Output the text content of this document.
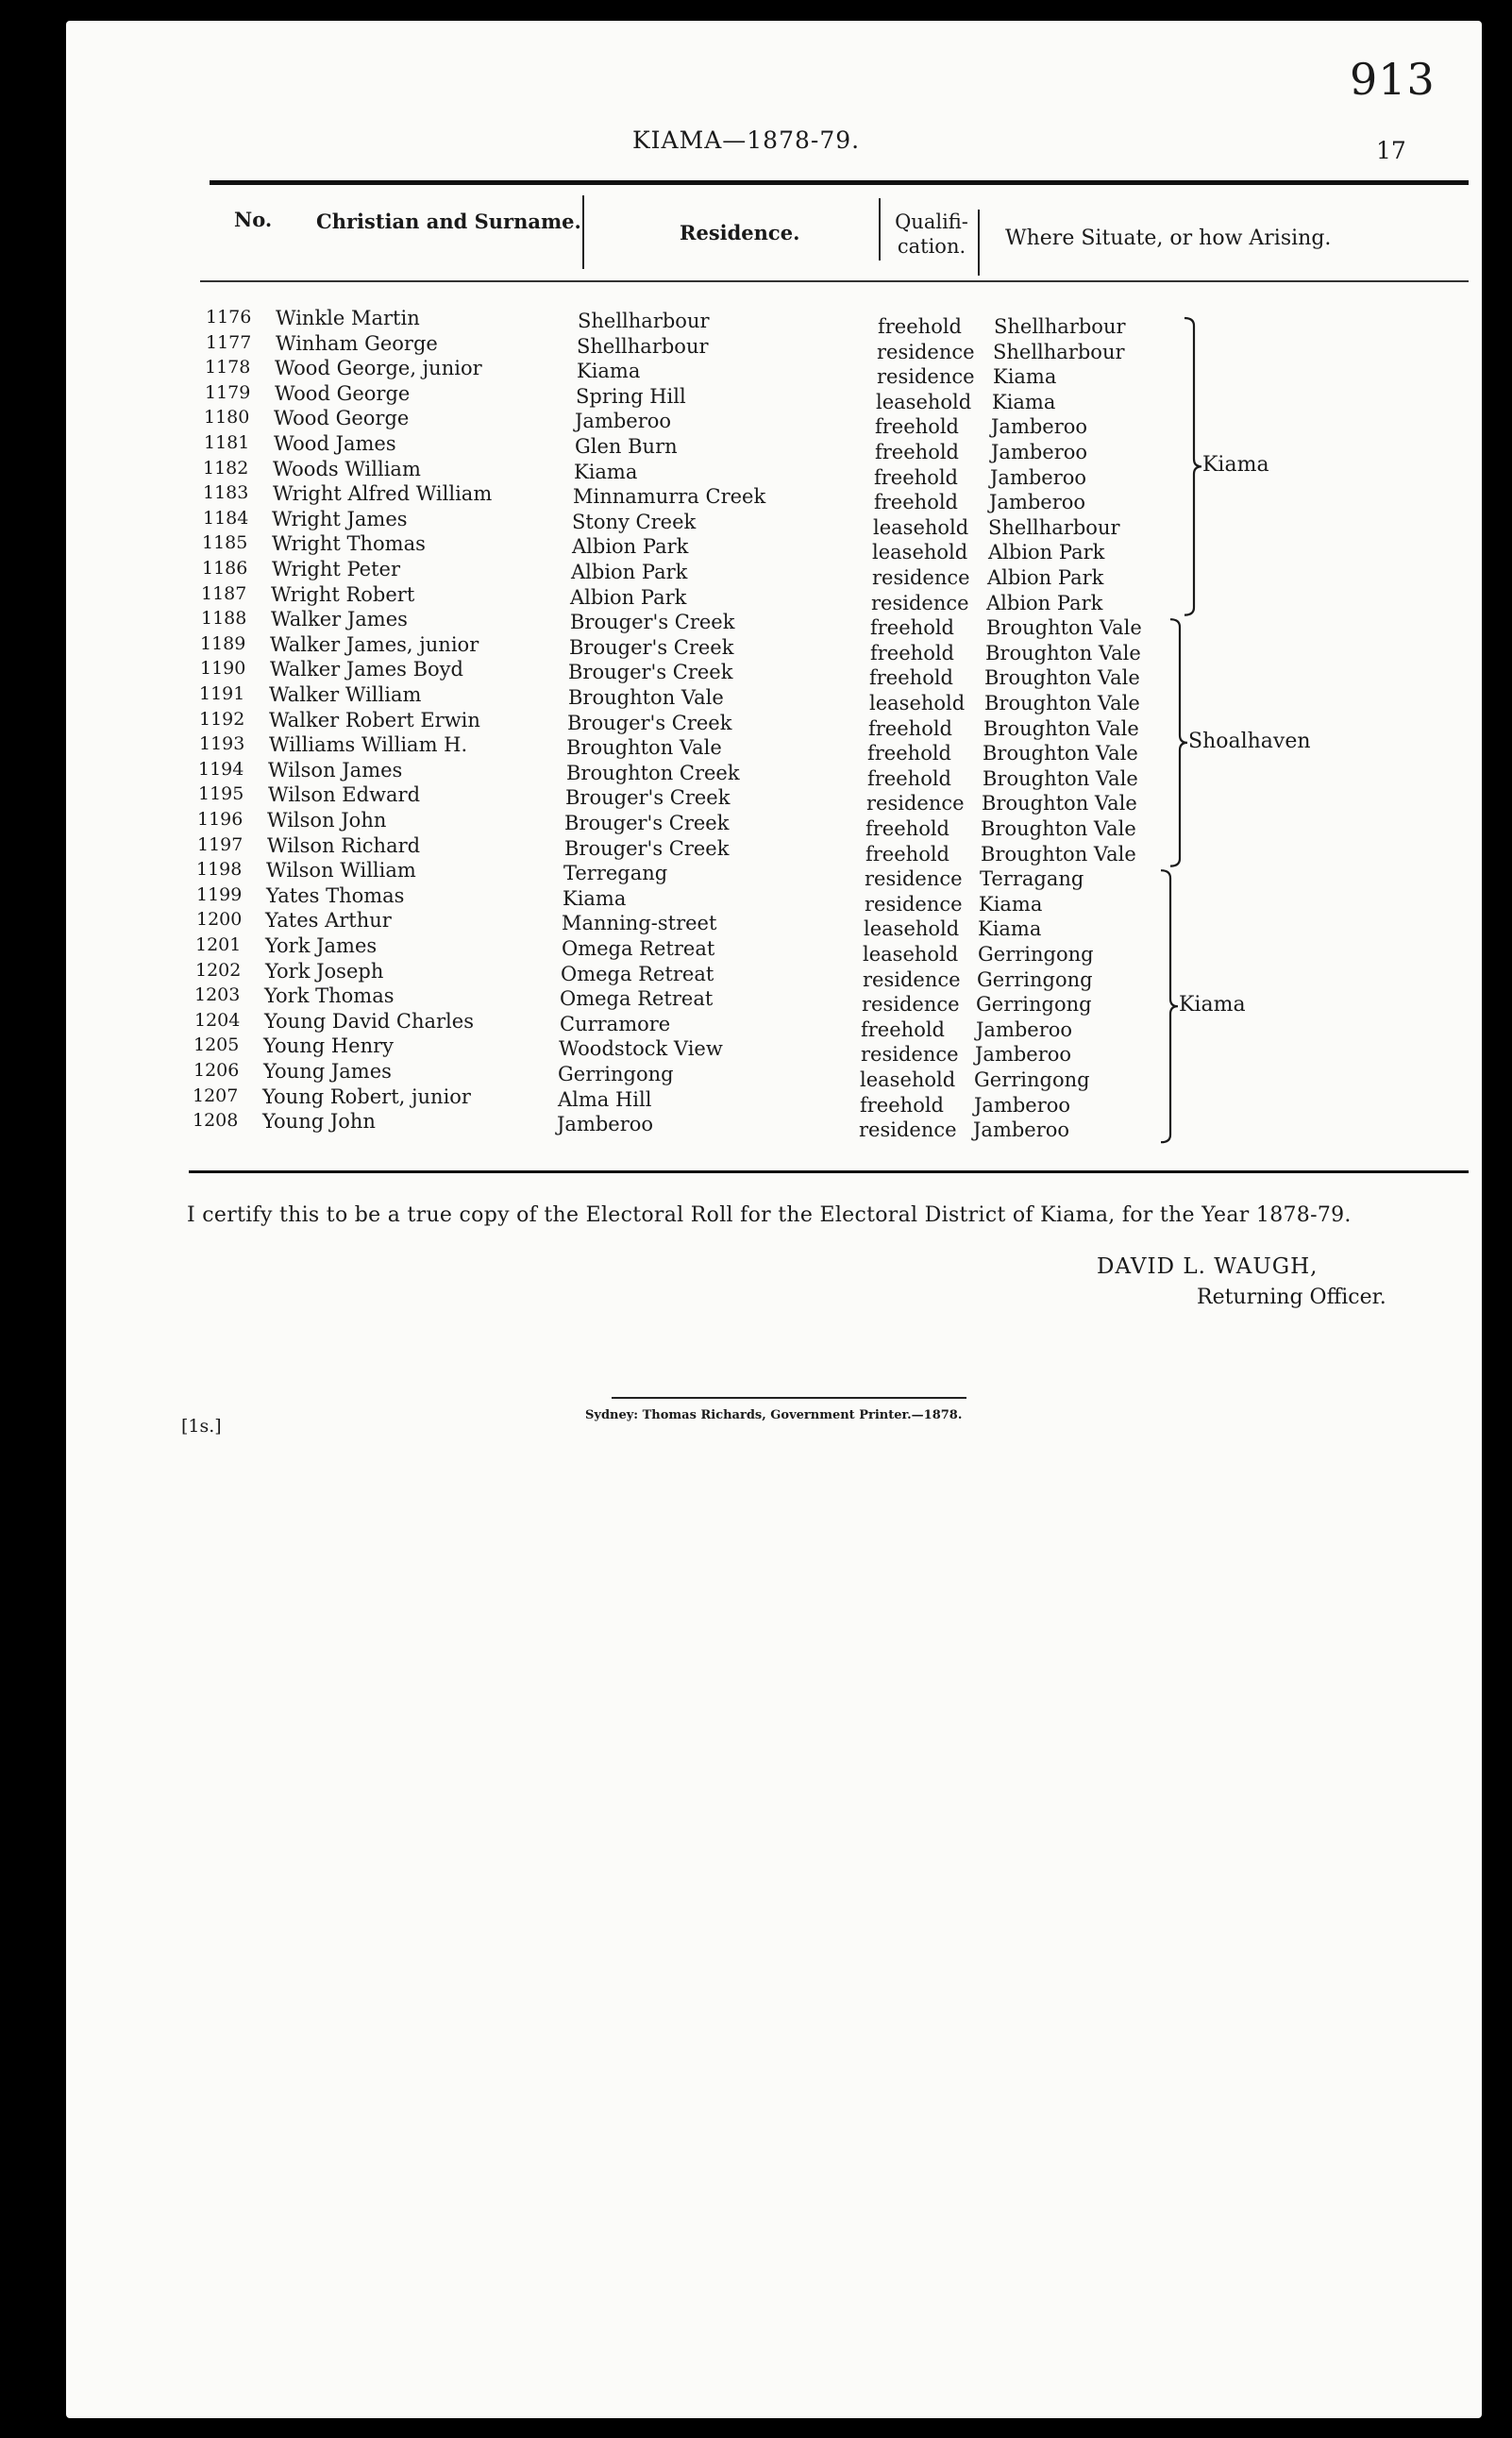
913
17
KIAMA—1878-79.
No. Christian and Surname.	Residence.	Qualifi-
cation.	Where Situate, or how Arising.
1176 Winkle Martin	Shellharbour	freehold Shellharbour
1177 Winham George	Shellharbour	residence Shellharbour
1178 Wood George, junior	Kiama	residence Kiama
1179 Wood George	Spring Hill	leasehold Kiama
1180 Wood George	Jamberoo	freehold Jamberoo
1181 Wood James	Glen Burn	freehold Jamberoo
1182 Woods William	Kiama	freehold Jamberoo
1183 Wright Alfred William	Minnamurra Creek	freehold Jamberoo
1184 Wright James	Stony Creek	leasehold Shellharbour
1185 Wright Thomas	Albion Park	leasehold Albion Park
1186 Wright Peter	Albion Park	residence Albion Park
1187 Wright Robert	Albion Park	residence Albion Park
1188 Walker James	Brouger's Creek	freehold Broughton Vale
1189 Walker James, junior	Brouger's Creek	freehold Broughton Vale
1190 Walker James Boyd	Brouger's Creek	freehold Broughton Vale
1191 Walker William	Broughton Vale	leasehold Broughton Vale
1192 Walker Robert Erwin	Brouger's Creek	freehold Broughton Vale
1193 Williams William H.	Broughton Vale	freehold Broughton Vale
1194 Wilson James	Broughton Creek	freehold Broughton Vale
1195 Wilson Edward	Brouger's Creek	residence Broughton Vale
1196 Wilson John	Brouger's Creek	freehold Broughton Vale
1197 Wilson Richard	Brouger's Creek	freehold Broughton Vale
1198 Wilson William	Terregang	residence Terragang
1199 Yates Thomas	Kiama	residence Kiama
1200 Yates Arthur	Manning-street	leasehold Kiama
1201 York James	Omega Retreat	leasehold Gerringong
1202 York Joseph	Omega Retreat	residence Gerringong
1203 York Thomas	Omega Retreat	residence Gerringong
1204 Young David Charles	Curramore	freehold Jamberoo
1205 Young Henry	Woodstock View	residence Jamberoo
1206 Young James	Gerringong	leasehold Gerringong
1207 Young Robert, junior	Alma Hill	freehold Jamberoo
1208 Young John	Jamberoo	residence Jamberoo
Kiama
Shoalhaven
Kiama
I certify this to be a true copy of the Electoral Roll for the Electoral District of Kiama, for the Year 1878-79.
DAVID L. WAUGH,
Returning Officer.
[1s.]
Sydney: Thomas Richards, Government Printer.—1878.
